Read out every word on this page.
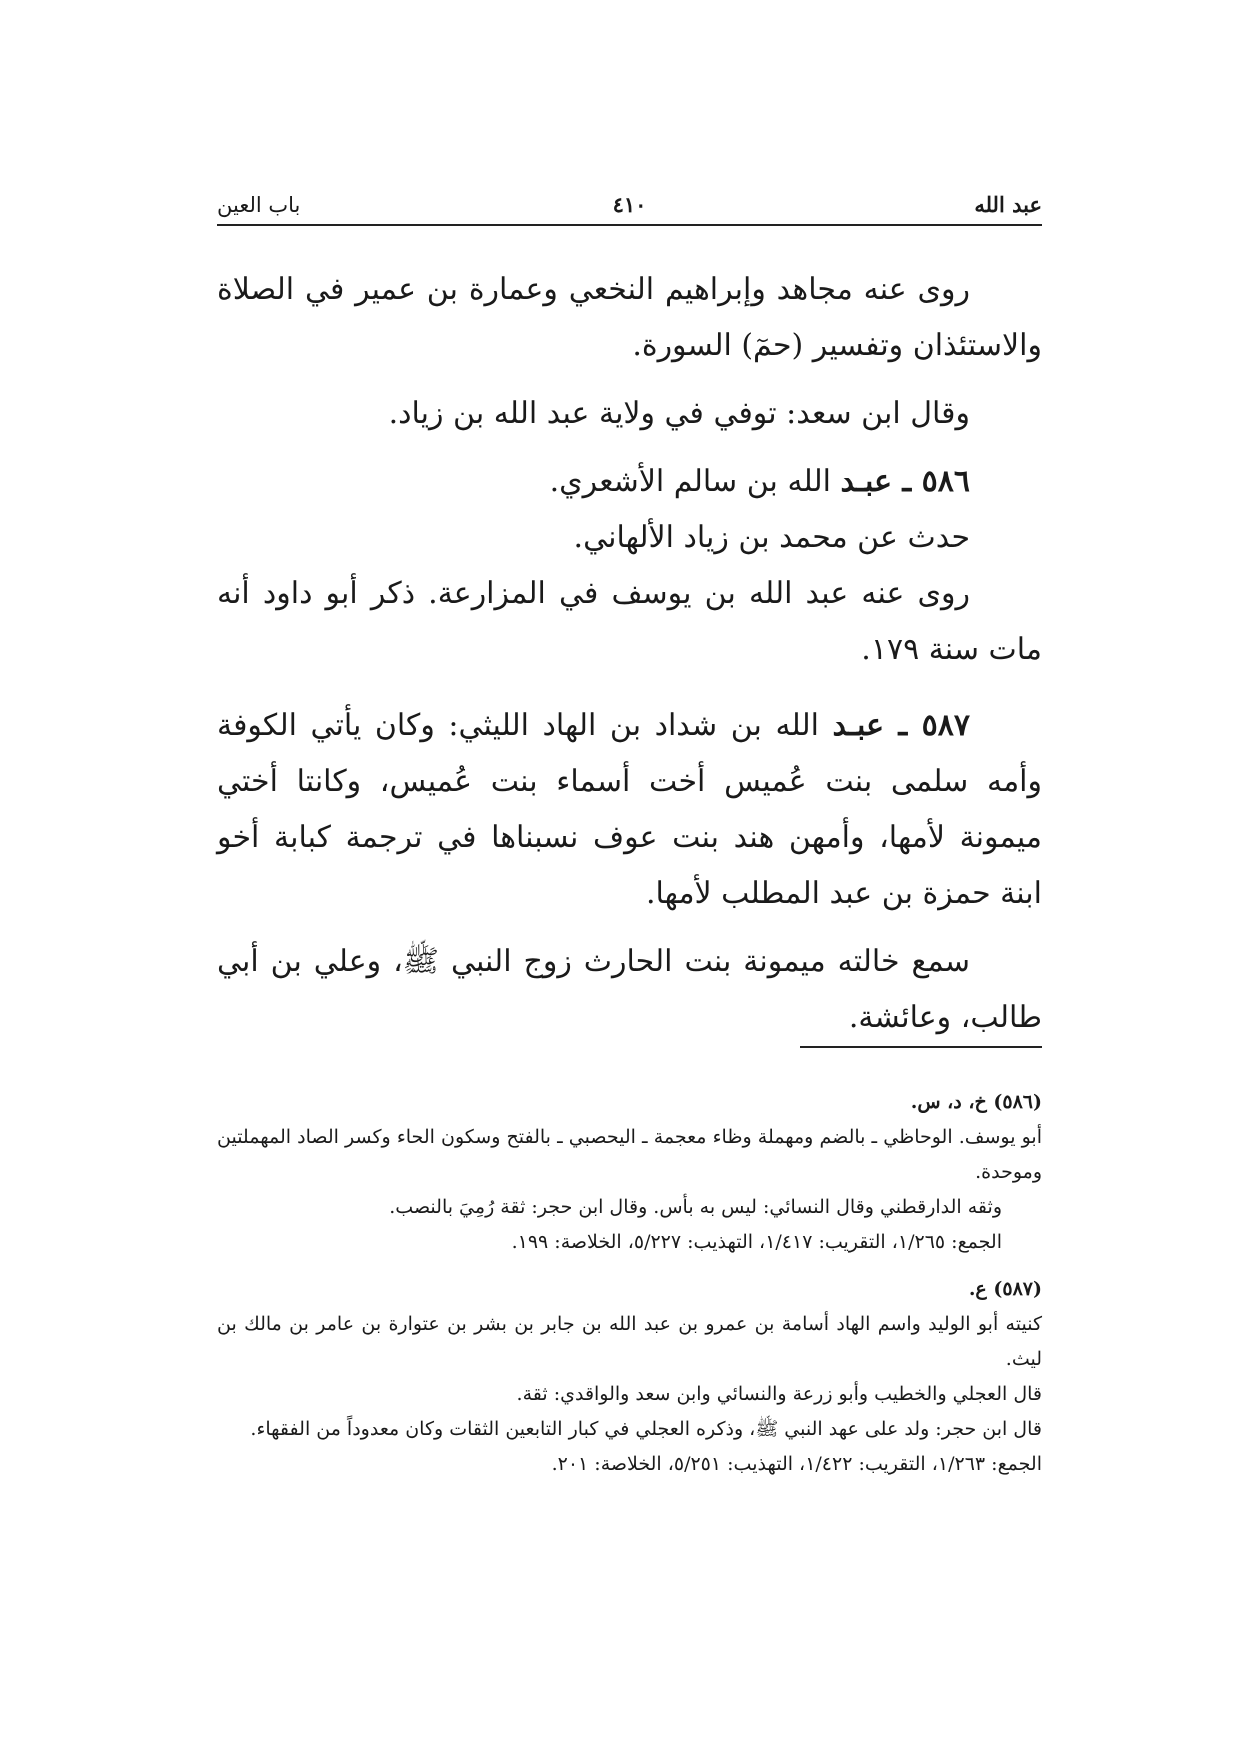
عبد الله
٤١٠
باب العين

روى عنه مجاهد وإبراهيم النخعي وعمارة بن عمير في الصلاة والاستئذان وتفسير (حمٓ) السورة.

وقال ابن سعد: توفي في ولاية عبد الله بن زياد.

٥٨٦ ـ عبـد الله بن سالم الأشعري.

حدث عن محمد بن زياد الألهاني.

روى عنه عبد الله بن يوسف في المزارعة. ذكر أبو داود أنه مات سنة ١٧٩.

٥٨٧ ـ عبـد الله بن شداد بن الهاد الليثي: وكان يأتي الكوفة وأمه سلمى بنت عُميس أخت أسماء بنت عُميس، وكانتا أختي ميمونة لأمها، وأمهن هند بنت عوف نسبناها في ترجمة كبابة أخو ابنة حمزة بن عبد المطلب لأمها.

سمع خالته ميمونة بنت الحارث زوج النبي ﷺ، وعلي بن أبي طالب، وعائشة.

(٥٨٦) خ، د، س.

أبو يوسف. الوحاظي ـ بالضم ومهملة وظاء معجمة ـ اليحصبي ـ بالفتح وسكون الحاء وكسر الصاد المهملتين وموحدة.

وثقه الدارقطني وقال النسائي: ليس به بأس. وقال ابن حجر: ثقة رُمِيَ بالنصب.

الجمع: ١/٢٦٥، التقريب: ١/٤١٧، التهذيب: ٥/٢٢٧، الخلاصة: ١٩٩.

(٥٨٧) ع.

كنيته أبو الوليد واسم الهاد أسامة بن عمرو بن عبد الله بن جابر بن بشر بن عتوارة بن عامر بن مالك بن ليث.

قال العجلي والخطيب وأبو زرعة والنسائي وابن سعد والواقدي: ثقة.

قال ابن حجر: ولد على عهد النبي ﷺ، وذكره العجلي في كبار التابعين الثقات وكان معدوداً من الفقهاء.

الجمع: ١/٢٦٣، التقريب: ١/٤٢٢، التهذيب: ٥/٢٥١، الخلاصة: ٢٠١.
